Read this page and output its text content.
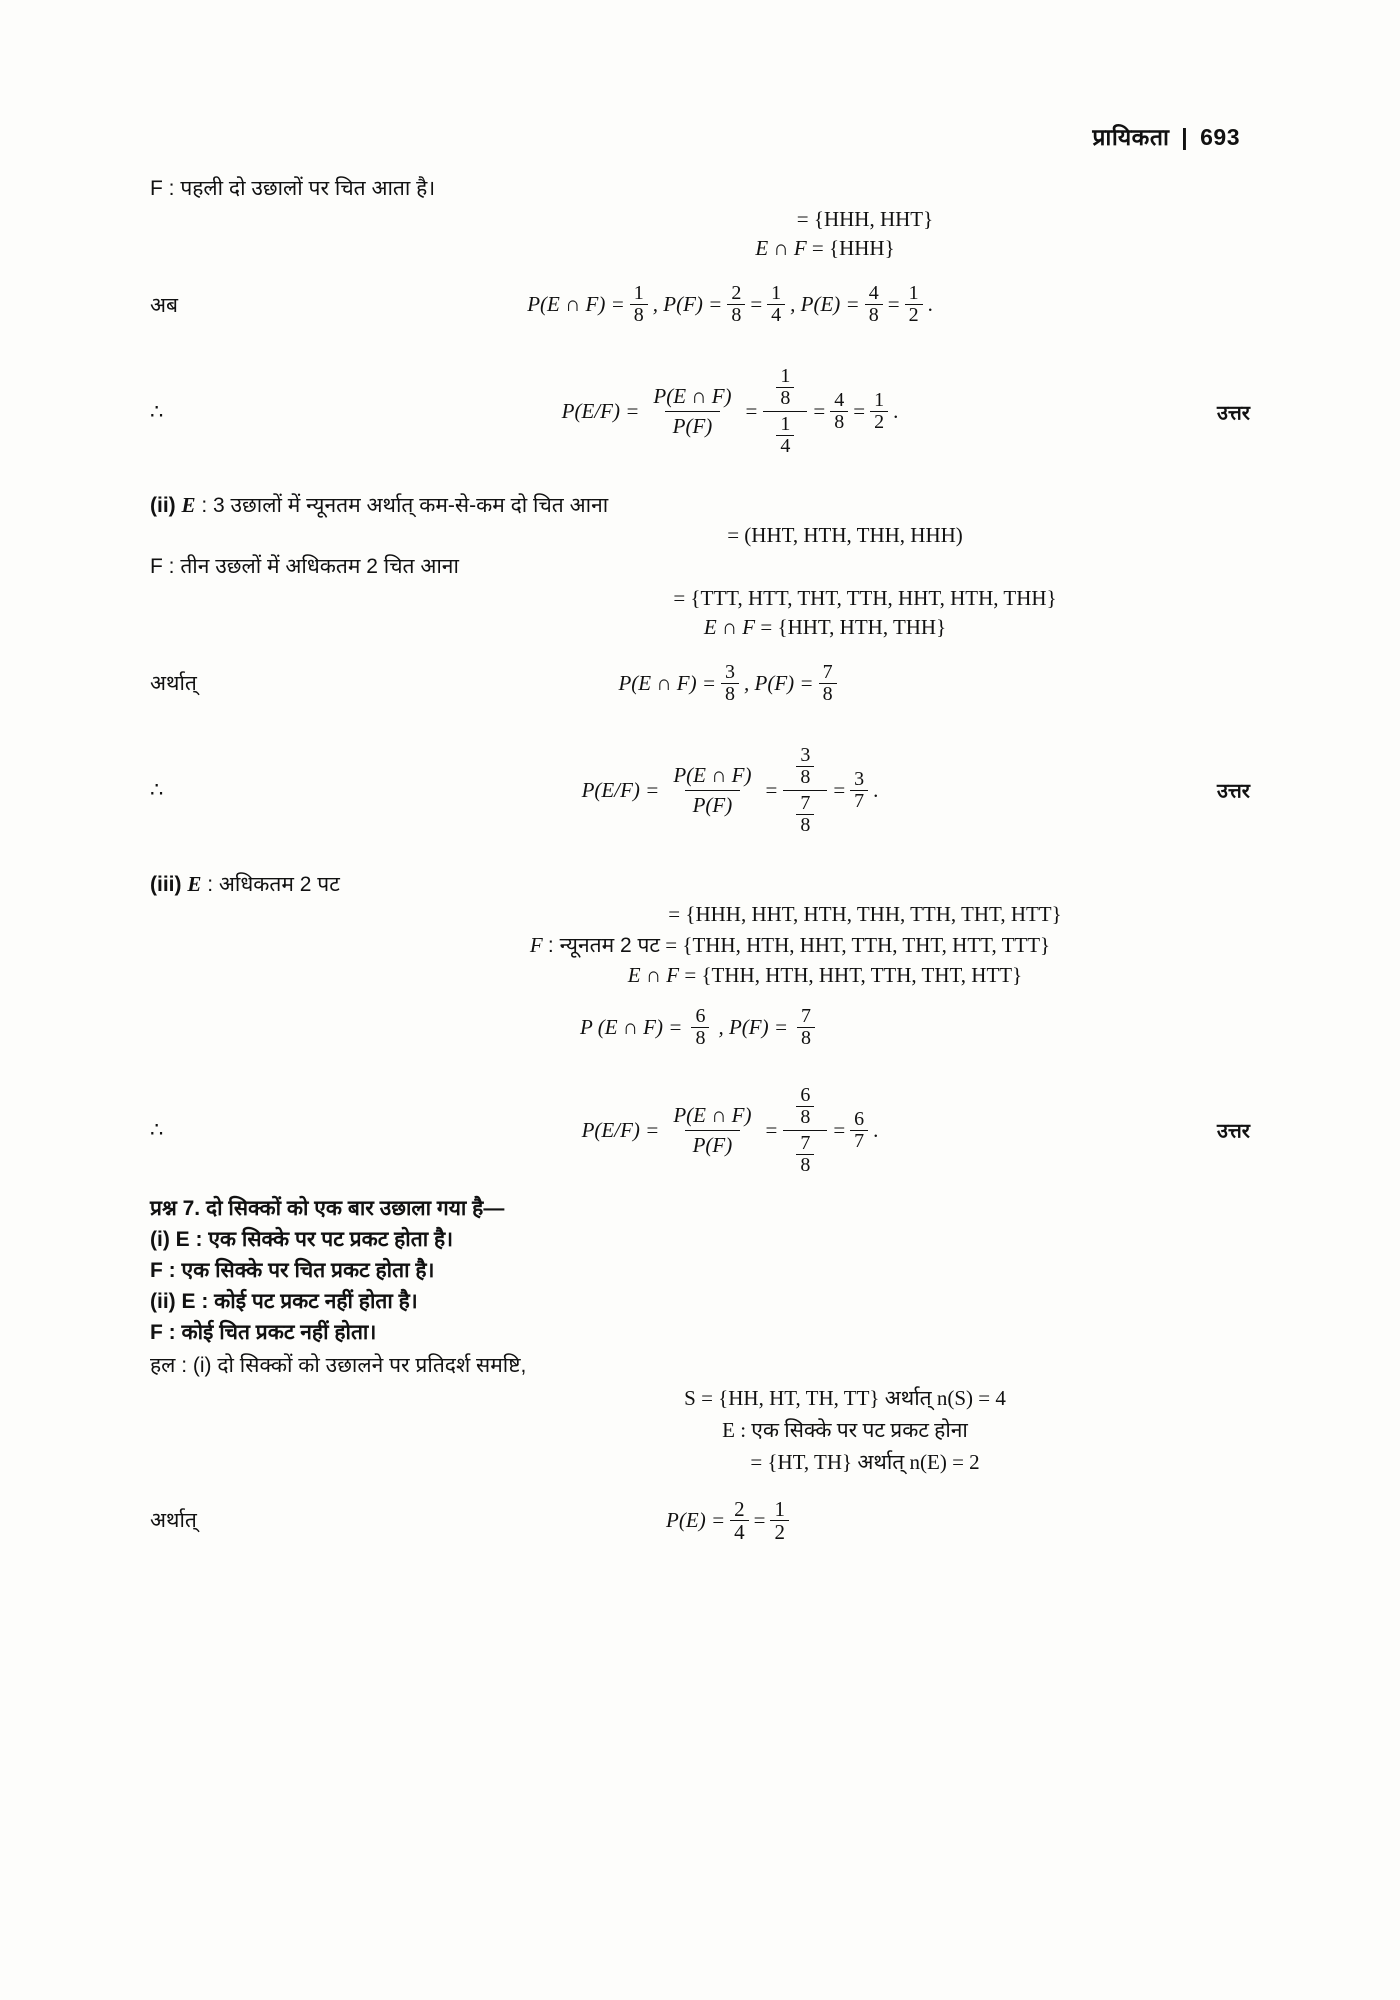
प्रायिकता | 693
F : पहली दो उछालों पर चित आता है।
= {HHH, HHT}
E ∩ F = {HHH}
अब	P(E ∩ $F) = \frac{1}{8}$ , $P(F) = \frac{2}{8} = \frac{1}{4}$ , $P(E) = \frac{4}{8} = \frac{1}{2}$ .
∴	$P(E/F) = \frac{P(E \cap F)}{P(F)} = \frac{\frac{1}{8}}{\frac{1}{4}} = \frac{4}{8} = \frac{1}{2}$ .	उत्तर
(ii) E : 3 उछालों में न्यूनतम अर्थात् कम-से-कम दो चित आना
= (HHT, HTH, THH, HHH)
F : तीन उछलों में अधिकतम 2 चित आना
= {TTT, HTT, THT, TTH, HHT, HTH, THH}
E ∩ F = {HHT, HTH, THH}
अर्थात्	P(E ∩ $F) = \frac{3}{8}$ , $P(F) = \frac{7}{8}$
∴	$P(E/F) = \frac{P(E \cap F)}{P(F)} = \frac{\frac{3}{8}}{\frac{7}{8}} = \frac{3}{7}$ .	उत्तर
(iii) E : अधिकतम 2 पट
= {HHH, HHT, HTH, THH, TTH, THT, HTT}
F : न्यूनतम 2 पट = {THH, HTH, HHT, TTH, THT, HTT, TTT}
E ∩ F = {THH, HTH, HHT, TTH, THT, HTT}
P (E ∩ $F) = \frac{6}{8}$ , $P(F) = \frac{7}{8}$
∴	$P(E/F) = \frac{P(E \cap F)}{P(F)} = \frac{\frac{6}{8}}{\frac{7}{8}} = \frac{6}{7}$ .	उत्तर
प्रश्न 7. दो सिक्कों को एक बार उछाला गया है—
(i) E : एक सिक्के पर पट प्रकट होता है।
F : एक सिक्के पर चित प्रकट होता है।
(ii) E : कोई पट प्रकट नहीं होता है।
F : कोई चित प्रकट नहीं होता।
हल : (i) दो सिक्कों को उछालने पर प्रतिदर्श समष्टि,
S = {HH, HT, TH, TT} अर्थात् n(S) = 4
E : एक सिक्के पर पट प्रकट होना
= {HT, TH} अर्थात् n(E) = 2
अर्थात्	$P(E) = \frac{2}{4} = \frac{1}{2}$
